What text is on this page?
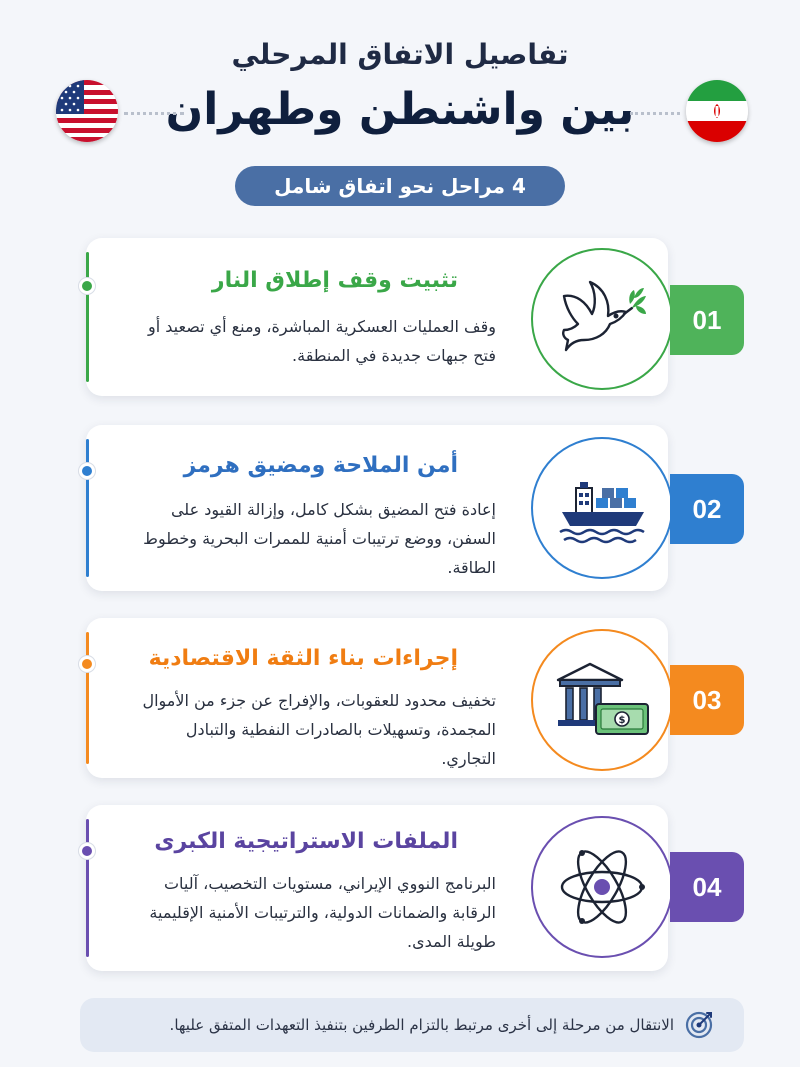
تفاصيل الاتفاق المرحلي
بين واشنطن وطهران
4 مراحل نحو اتفاق شامل
تثبيت وقف إطلاق النار
وقف العمليات العسكرية المباشرة، ومنع أي تصعيد أو فتح جبهات جديدة في المنطقة.
01
أمن الملاحة ومضيق هرمز
إعادة فتح المضيق بشكل كامل، وإزالة القيود على السفن، ووضع ترتيبات أمنية للممرات البحرية وخطوط الطاقة.
02
إجراءات بناء الثقة الاقتصادية
تخفيف محدود للعقوبات، والإفراج عن جزء من الأموال المجمدة، وتسهيلات بالصادرات النفطية والتبادل التجاري.
$
03
الملفات الاستراتيجية الكبرى
البرنامج النووي الإيراني، مستويات التخصيب، آليات الرقابة والضمانات الدولية، والترتيبات الأمنية الإقليمية طويلة المدى.
04
الانتقال من مرحلة إلى أخرى مرتبط بالتزام الطرفين بتنفيذ التعهدات المتفق عليها.
